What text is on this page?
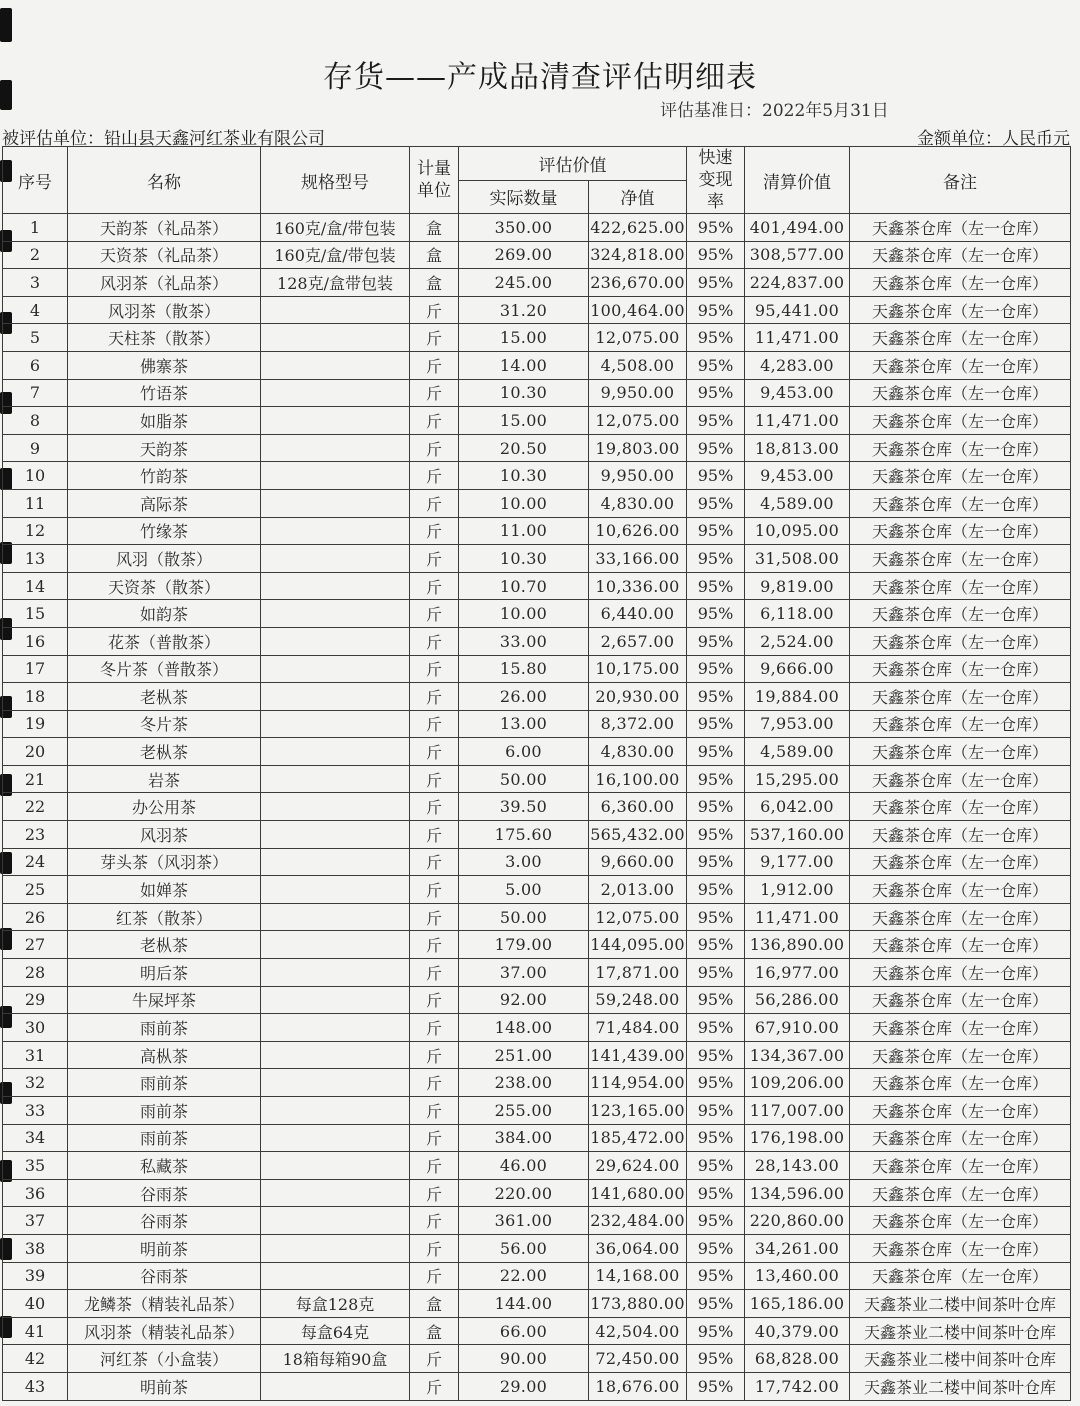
存货——产成品清查评估明细表
评估基准日：2022年5月31日
被评估单位：铅山县天鑫河红茶业有限公司	金额单位：人民币元
序号	名称	规格型号	计量单位	评估价值		快速变现率	清算价值	备注
				实际数量	净值			
1	天韵茶（礼品茶）	160克/盒/带包装	盒	350.00	422,625.00	95%	401,494.00	天鑫茶仓库（左一仓库）
2	天资茶（礼品茶）	160克/盒/带包装	盒	269.00	324,818.00	95%	308,577.00	天鑫茶仓库（左一仓库）
3	风羽茶（礼品茶）	128克/盒带包装	盒	245.00	236,670.00	95%	224,837.00	天鑫茶仓库（左一仓库）
4	风羽茶（散茶）		斤	31.20	100,464.00	95%	95,441.00	天鑫茶仓库（左一仓库）
5	天柱茶（散茶）		斤	15.00	12,075.00	95%	11,471.00	天鑫茶仓库（左一仓库）
6	佛寨茶		斤	14.00	4,508.00	95%	4,283.00	天鑫茶仓库（左一仓库）
7	竹语茶		斤	10.30	9,950.00	95%	9,453.00	天鑫茶仓库（左一仓库）
8	如脂茶		斤	15.00	12,075.00	95%	11,471.00	天鑫茶仓库（左一仓库）
9	天韵茶		斤	20.50	19,803.00	95%	18,813.00	天鑫茶仓库（左一仓库）
10	竹韵茶		斤	10.30	9,950.00	95%	9,453.00	天鑫茶仓库（左一仓库）
11	高际茶		斤	10.00	4,830.00	95%	4,589.00	天鑫茶仓库（左一仓库）
12	竹缘茶		斤	11.00	10,626.00	95%	10,095.00	天鑫茶仓库（左一仓库）
13	风羽（散茶）		斤	10.30	33,166.00	95%	31,508.00	天鑫茶仓库（左一仓库）
14	天资茶（散茶）		斤	10.70	10,336.00	95%	9,819.00	天鑫茶仓库（左一仓库）
15	如韵茶		斤	10.00	6,440.00	95%	6,118.00	天鑫茶仓库（左一仓库）
16	花茶（普散茶）		斤	33.00	2,657.00	95%	2,524.00	天鑫茶仓库（左一仓库）
17	冬片茶（普散茶）		斤	15.80	10,175.00	95%	9,666.00	天鑫茶仓库（左一仓库）
18	老枞茶		斤	26.00	20,930.00	95%	19,884.00	天鑫茶仓库（左一仓库）
19	冬片茶		斤	13.00	8,372.00	95%	7,953.00	天鑫茶仓库（左一仓库）
20	老枞茶		斤	6.00	4,830.00	95%	4,589.00	天鑫茶仓库（左一仓库）
21	岩茶		斤	50.00	16,100.00	95%	15,295.00	天鑫茶仓库（左一仓库）
22	办公用茶		斤	39.50	6,360.00	95%	6,042.00	天鑫茶仓库（左一仓库）
23	风羽茶		斤	175.60	565,432.00	95%	537,160.00	天鑫茶仓库（左一仓库）
24	芽头茶（风羽茶）		斤	3.00	9,660.00	95%	9,177.00	天鑫茶仓库（左一仓库）
25	如婵茶		斤	5.00	2,013.00	95%	1,912.00	天鑫茶仓库（左一仓库）
26	红茶（散茶）		斤	50.00	12,075.00	95%	11,471.00	天鑫茶仓库（左一仓库）
27	老枞茶		斤	179.00	144,095.00	95%	136,890.00	天鑫茶仓库（左一仓库）
28	明后茶		斤	37.00	17,871.00	95%	16,977.00	天鑫茶仓库（左一仓库）
29	牛屎坪茶		斤	92.00	59,248.00	95%	56,286.00	天鑫茶仓库（左一仓库）
30	雨前茶		斤	148.00	71,484.00	95%	67,910.00	天鑫茶仓库（左一仓库）
31	高枞茶		斤	251.00	141,439.00	95%	134,367.00	天鑫茶仓库（左一仓库）
32	雨前茶		斤	238.00	114,954.00	95%	109,206.00	天鑫茶仓库（左一仓库）
33	雨前茶		斤	255.00	123,165.00	95%	117,007.00	天鑫茶仓库（左一仓库）
34	雨前茶		斤	384.00	185,472.00	95%	176,198.00	天鑫茶仓库（左一仓库）
35	私藏茶		斤	46.00	29,624.00	95%	28,143.00	天鑫茶仓库（左一仓库）
36	谷雨茶		斤	220.00	141,680.00	95%	134,596.00	天鑫茶仓库（左一仓库）
37	谷雨茶		斤	361.00	232,484.00	95%	220,860.00	天鑫茶仓库（左一仓库）
38	明前茶		斤	56.00	36,064.00	95%	34,261.00	天鑫茶仓库（左一仓库）
39	谷雨茶		斤	22.00	14,168.00	95%	13,460.00	天鑫茶仓库（左一仓库）
40	龙鳞茶（精装礼品茶）	每盒128克	盒	144.00	173,880.00	95%	165,186.00	天鑫茶业二楼中间茶叶仓库
41	风羽茶（精装礼品茶）	每盒64克	盒	66.00	42,504.00	95%	40,379.00	天鑫茶业二楼中间茶叶仓库
42	河红茶（小盒装）	18箱每箱90盒	斤	90.00	72,450.00	95%	68,828.00	天鑫茶业二楼中间茶叶仓库
43	明前茶		斤	29.00	18,676.00	95%	17,742.00	天鑫茶业二楼中间茶叶仓库
